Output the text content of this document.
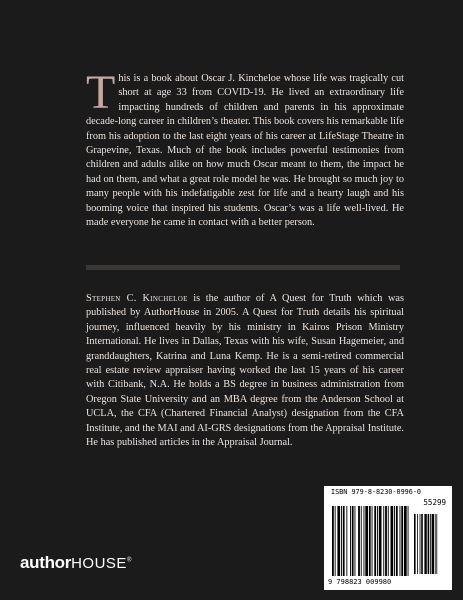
This is a book about Oscar J. Kincheloe whose life was tragically cut short at age 33 from COVID-19. He lived an extraordinary life impacting hundreds of children and parents in his approximate decade-long career in children’s theater. This book covers his remarkable life from his adoption to the last eight years of his career at LifeStage Theatre in Grapevine, Texas. Much of the book includes powerful testimonies from children and adults alike on how much Oscar meant to them, the impact he had on them, and what a great role model he was. He brought so much joy to many people with his indefatigable zest for life and a hearty laugh and his booming voice that inspired his students. Oscar’s was a life well-lived. He made everyone he came in contact with a better person.
Stephen C. Kincheloe is the author of A Quest for Truth which was published by AuthorHouse in 2005. A Quest for Truth details his spiritual journey, influenced heavily by his ministry in Kairos Prison Ministry International. He lives in Dallas, Texas with his wife, Susan Hagemeier, and granddaughters, Katrina and Luna Kemp. He is a semi-retired commercial real estate review appraiser having worked the last 15 years of his career with Citibank, N.A. He holds a BS degree in business administration from Oregon State University and an MBA degree from the Anderson School at UCLA, the CFA (Chartered Financial Analyst) designation from the CFA Institute, and the MAI and AI-GRS designations from the Appraisal Institute. He has published articles in the Appraisal Journal.
authorHOUSE®
ISBN 979-8-8230-0996-0
55299
9 798823 009980
